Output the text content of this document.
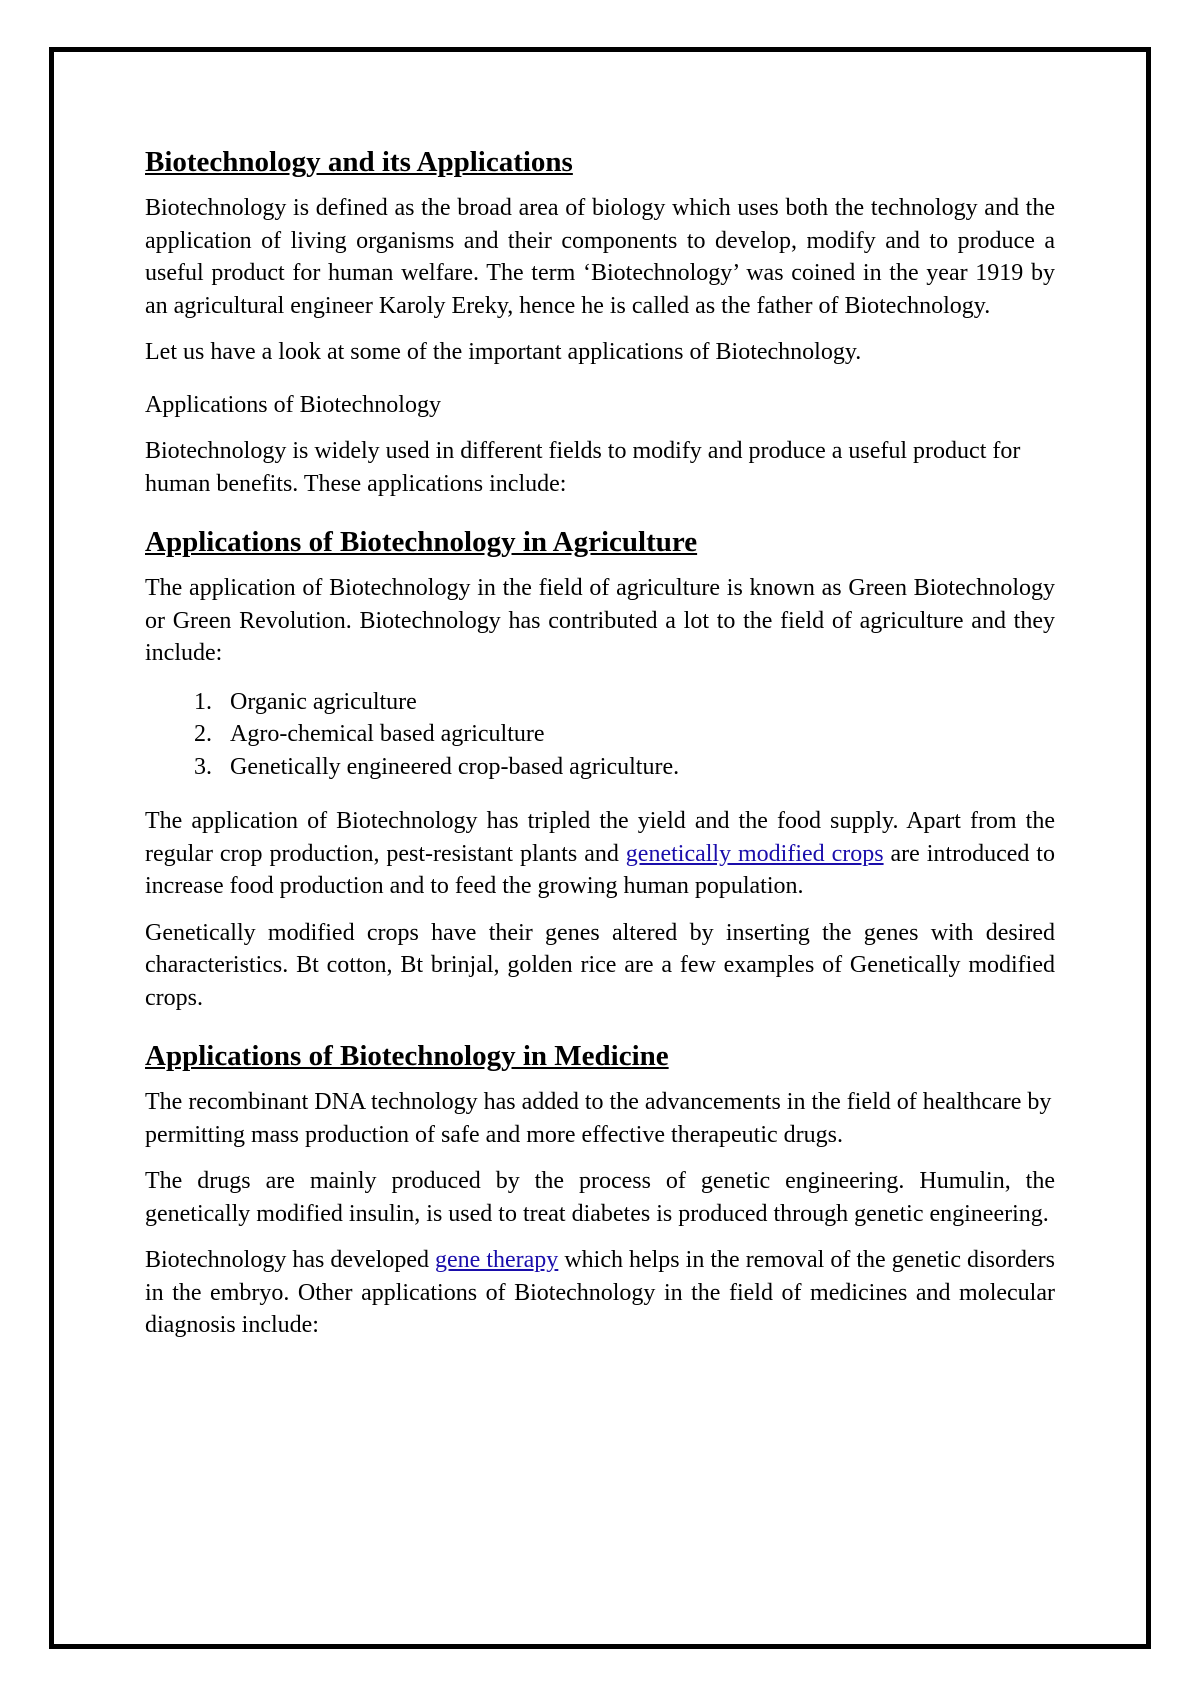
Biotechnology and its Applications

Biotechnology is defined as the broad area of biology which uses both the technology and the application of living organisms and their components to develop, modify and to produce a useful product for human welfare. The term ‘Biotechnology’ was coined in the year 1919 by an agricultural engineer Karoly Ereky, hence he is called as the father of Biotechnology.

Let us have a look at some of the important applications of Biotechnology.

Applications of Biotechnology

Biotechnology is widely used in different fields to modify and produce a useful product for human benefits. These applications include:

Applications of Biotechnology in Agriculture

The application of Biotechnology in the field of agriculture is known as Green Biotechnology or Green Revolution. Biotechnology has contributed a lot to the field of agriculture and they include:

1. Organic agriculture
2. Agro-chemical based agriculture
3. Genetically engineered crop-based agriculture.

The application of Biotechnology has tripled the yield and the food supply. Apart from the regular crop production, pest-resistant plants and genetically modified crops are introduced to increase food production and to feed the growing human population.

Genetically modified crops have their genes altered by inserting the genes with desired characteristics. Bt cotton, Bt brinjal, golden rice are a few examples of Genetically modified crops.

Applications of Biotechnology in Medicine

The recombinant DNA technology has added to the advancements in the field of healthcare by permitting mass production of safe and more effective therapeutic drugs.

The drugs are mainly produced by the process of genetic engineering. Humulin, the genetically modified insulin, is used to treat diabetes is produced through genetic engineering.

Biotechnology has developed gene therapy which helps in the removal of the genetic disorders in the embryo. Other applications of Biotechnology in the field of medicines and molecular diagnosis include:
